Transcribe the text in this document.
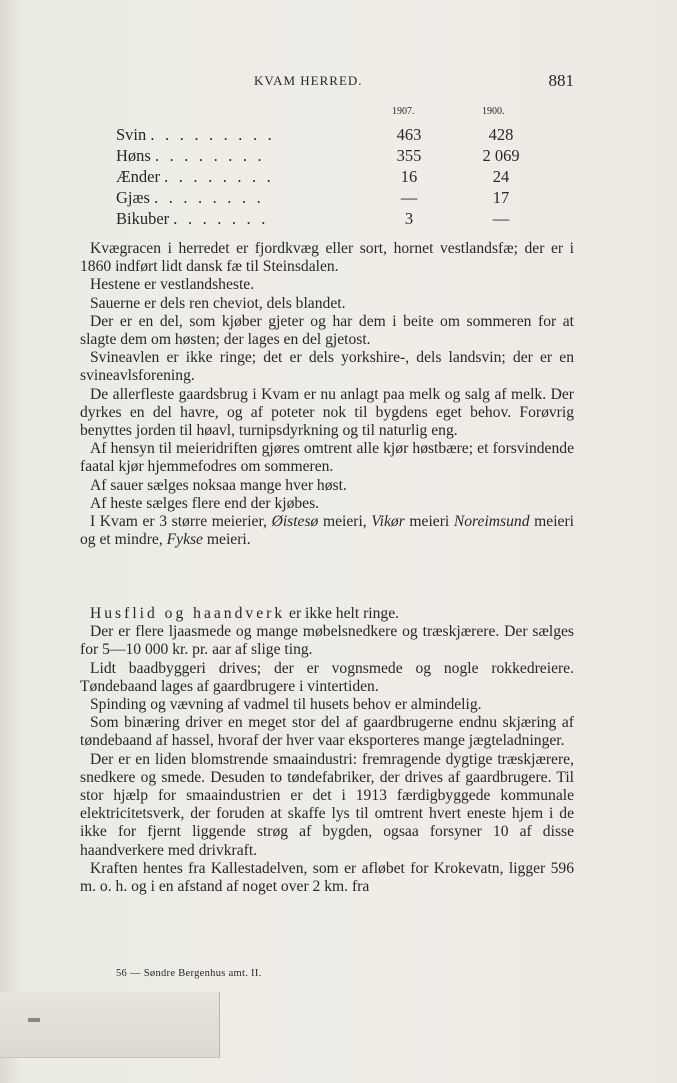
KVAM HERRED.	881
1907.	1900.
Svin . . . . . . . . .	463	428
Høns . . . . . . . .	355	2 069
Ænder . . . . . . . .	16	24
Gjæs . . . . . . . .	—	17
Bikuber . . . . . . .	3	—

Kvægracen i herredet er fjordkvæg eller sort, hornet vestlandsfæ; der er i 1860 indført lidt dansk fæ til Steinsdalen.

Hestene er vestlandsheste.

Sauerne er dels ren cheviot, dels blandet.

Der er en del, som kjøber gjeter og har dem i beite om sommeren for at slagte dem om høsten; der lages en del gjetost.

Svineavlen er ikke ringe; det er dels yorkshire-, dels landsvin; der er en svineavlsforening.

De allerfleste gaardsbrug i Kvam er nu anlagt paa melk og salg af melk. Der dyrkes en del havre, og af poteter nok til bygdens eget behov. Forøvrig benyttes jorden til høavl, turnipsdyrkning og til naturlig eng.

Af hensyn til meieridriften gjøres omtrent alle kjør høstbære; et forsvindende faatal kjør hjemmefodres om sommeren.

Af sauer sælges noksaa mange hver høst.

Af heste sælges flere end der kjøbes.

I Kvam er 3 større meierier, Øistesø meieri, Vikør meieri Noreimsund meieri og et mindre, Fykse meieri.

Husflid og haandverk er ikke helt ringe.

Der er flere ljaasmede og mange møbelsnedkere og træskjærere. Der sælges for 5—10 000 kr. pr. aar af slige ting.

Lidt baadbyggeri drives; der er vognsmede og nogle rokkedreiere. Tøndebaand lages af gaardbrugere i vintertiden.

Spinding og vævning af vadmel til husets behov er almindelig.

Som binæring driver en meget stor del af gaardbrugerne endnu skjæring af tøndebaand af hassel, hvoraf der hver vaar eksporteres mange jægteladninger.

Der er en liden blomstrende smaaindustri: fremragende dygtige træskjærere, snedkere og smede. Desuden to tøndefabriker, der drives af gaardbrugere. Til stor hjælp for smaaindustrien er det i 1913 færdigbyggede kommunale elektricitetsverk, der foruden at skaffe lys til omtrent hvert eneste hjem i de ikke for fjernt liggende strøg af bygden, ogsaa forsyner 10 af disse haandverkere med drivkraft.

Kraften hentes fra Kallestadelven, som er afløbet for Krokevatn, ligger 596 m. o. h. og i en afstand af noget over 2 km. fra

56 — Søndre Bergenhus amt. II.
